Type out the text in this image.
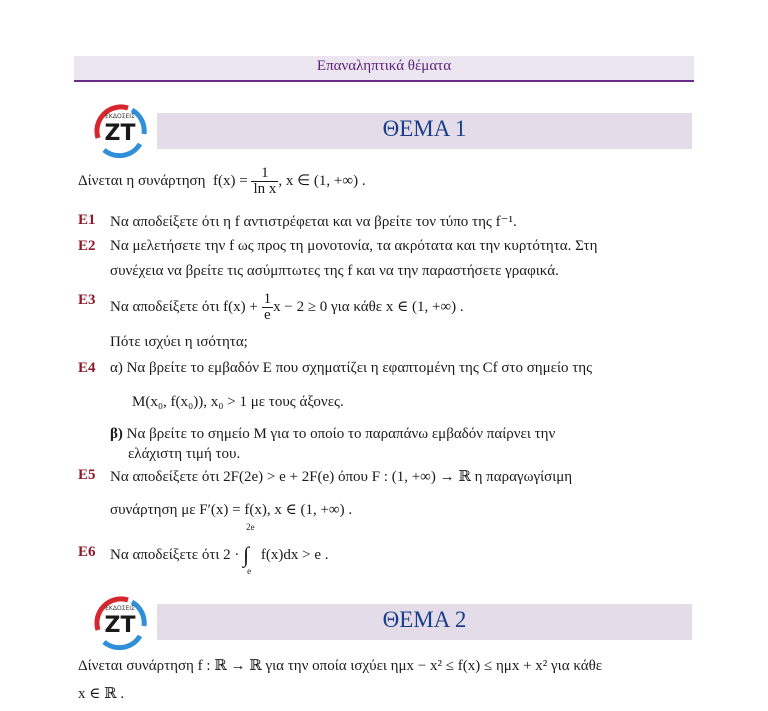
Επαναληπτικά θέματα
ΕΚΔΟΣΕΙΣ
ZT	ΘΕΜΑ 1
Δίνεται η συνάρτηση $f(x) = \frac{1}{\text{ln x}}$ , x ∈ (1, +∞) .
E1 Να αποδείξετε ότι η f αντιστρέφεται και να βρείτε τον τύπο της f⁻¹.
E2 Να μελετήσετε την f ως προς τη μονοτονία, τα ακρότατα και την κυρτότητα. Στη
συνέχεια να βρείτε τις ασύμπτωτες της f και να την παραστήσετε γραφικά.
E3 Να αποδείξετε ότι $f(x) + \frac{1}{e}$ x − 2 ≥ 0 για κάθε x ∈ (1, +∞) .
Πότε ισχύει η ισότητα;
E4 α) Να βρείτε το εμβαδόν E που σχηματίζει η εφαπτομένη της Cf στο σημείο της
M(x₀, f(x₀)), x₀ > 1 με τους άξονες.
β) Να βρείτε το σημείο M για το οποίο το παραπάνω εμβαδόν παίρνει την
ελάχιστη τιμή του.
E5 Να αποδείξετε ότι 2F(2e) > e + 2F(e) όπου F : (1, +∞) → ℝ η παραγωγίσιμη
συνάρτηση με F′(x) = f(x), x ∈ (1, +∞) .
E6 Να αποδείξετε ότι 2 ·
2e
∫
e
f(x)dx > e .
ΕΚΔΟΣΕΙΣ
ZT	ΘΕΜΑ 2
Δίνεται συνάρτηση f : ℝ → ℝ για την οποία ισχύει ημx − x² ≤ f(x) ≤ ημx + x² για κάθε
x ∈ ℝ .
